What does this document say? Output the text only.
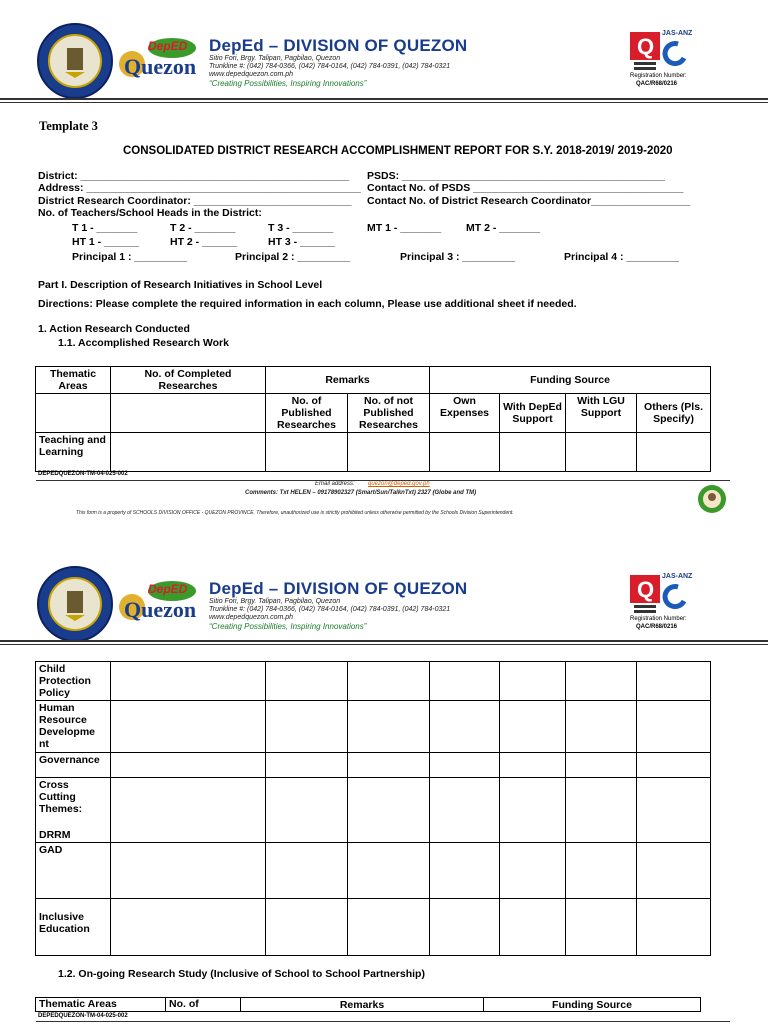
DepED
Quezon
DepEd – DIVISION OF QUEZON
Sitio Fori, Brgy. Talipan, Pagbilao, Quezon
Trunkline #: (042) 784-0366, (042) 784-0164, (042) 784-0391, (042) 784-0321
www.depedquezon.com.ph
“Creating Possibilities, Inspiring Innovations”
Q
JAS-ANZ
Registration Number:
QAC/R68/0216
Template 3
CONSOLIDATED DISTRICT RESEARCH ACCOMPLISHMENT REPORT FOR S.Y. 2018-2019/ 2019-2020
District: ______________________________________________
Address: _______________________________________________
District Research Coordinator: ___________________________
PSDS: _____________________________________________
Contact No. of PSDS ____________________________________
Contact No. of District Research Coordinator_________________
No. of Teachers/School Heads in the District:
T 1 - _______	T 2 - _______	T 3 - _______	MT 1 - _______ MT 2 - _______
HT 1 - ______	HT 2 - ______	HT 3 - ______
Principal 1 : _________	Principal 2 : _________	Principal 3 : _________	Principal 4 : _________
Part I. Description of Research Initiatives in School Level
Directions: Please complete the required information in each column, Please use additional sheet if needed.
1. Action Research Conducted
1.1. Accomplished Research Work
Thematic Areas	No. of Completed Researches	Remarks		Funding Source			
		No. of Published Researches	No. of not Published Researches	Own Expenses	With DepEd Support	With LGU Support	Others (Pls. Specify)
Teaching and Learning							
DEPEDQUEZON-TM-04-025-002
Email address: quezon@deped.gov.ph
Comments: Txt HELEN – 09178902327 (Smart/Sun/TalknTxt) 2327 (Globe and TM)
This form is a property of SCHOOLS DIVISION OFFICE - QUEZON PROVINCE. Therefore, unauthorized use is strictly prohibited unless otherwise permitted by the Schools Division Superintendent.
DepED
Quezon
DepEd – DIVISION OF QUEZON
Sitio Fori, Brgy. Talipan, Pagbilao, Quezon
Trunkline #: (042) 784-0366, (042) 784-0164, (042) 784-0391, (042) 784-0321
www.depedquezon.com.ph
“Creating Possibilities, Inspiring Innovations”
Q
JAS-ANZ
Registration Number:
QAC/R68/0216
Child Protection Policy							
Human Resource Developme nt							
Governance							

Cross Cutting Themes:
DRRM							

GAD							
Inclusive Education							
1.2. On-going Research Study (Inclusive of School to School Partnership)
Thematic Areas	No. of	Remarks	Funding Source
DEPEDQUEZON-TM-04-025-002
